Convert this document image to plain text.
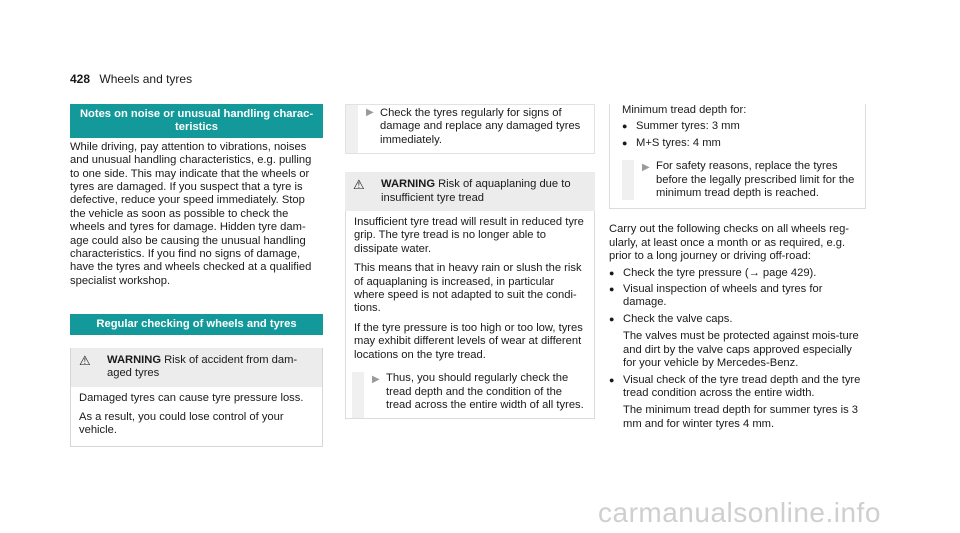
428 Wheels and tyres
Notes on noise or unusual handling charac-teristics

While driving, pay attention to vibrations, noises and unusual handling characteristics, e.g. pulling to one side. This may indicate that the wheels or tyres are damaged. If you suspect that a tyre is defective, reduce your speed immediately. Stop the vehicle as soon as possible to check the wheels and tyres for damage. Hidden tyre dam-age could also be causing the unusual handling characteristics. If you find no signs of damage, have the tyres and wheels checked at a qualified specialist workshop.

Regular checking of wheels and tyres
⚠	WARNING Risk of accident from dam-aged tyres

Damaged tyres can cause tyre pressure loss.

As a result, you could lose control of your vehicle.

▶ Check the tyres regularly for signs of damage and replace any damaged tyres immediately.
⚠	WARNING Risk of aquaplaning due to insufficient tyre tread

Insufficient tyre tread will result in reduced tyre grip. The tyre tread is no longer able to dissipate water.

This means that in heavy rain or slush the risk of aquaplaning is increased, in particular where speed is not adapted to suit the condi-tions.

If the tyre pressure is too high or too low, tyres may exhibit different levels of wear at different locations on the tyre tread.

▶ Thus, you should regularly check the tread depth and the condition of the tread across the entire width of all tyres.
Minimum tread depth for:
● Summer tyres: 3 mm
● M+S tyres: 4 mm
▶ For safety reasons, replace the tyres before the legally prescribed limit for the minimum tread depth is reached.

Carry out the following checks on all wheels reg-ularly, at least once a month or as required, e.g. prior to a long journey or driving off-road:

● Check the tyre pressure (→ page 429).
● Visual inspection of wheels and tyres for damage.
● Check the valve caps.

The valves must be protected against mois-ture and dirt by the valve caps approved especially for your vehicle by Mercedes-Benz.

● Visual check of the tyre tread depth and the tyre tread condition across the entire width.

The minimum tread depth for summer tyres is 3 mm and for winter tyres 4 mm.

carmanualsonline.info
